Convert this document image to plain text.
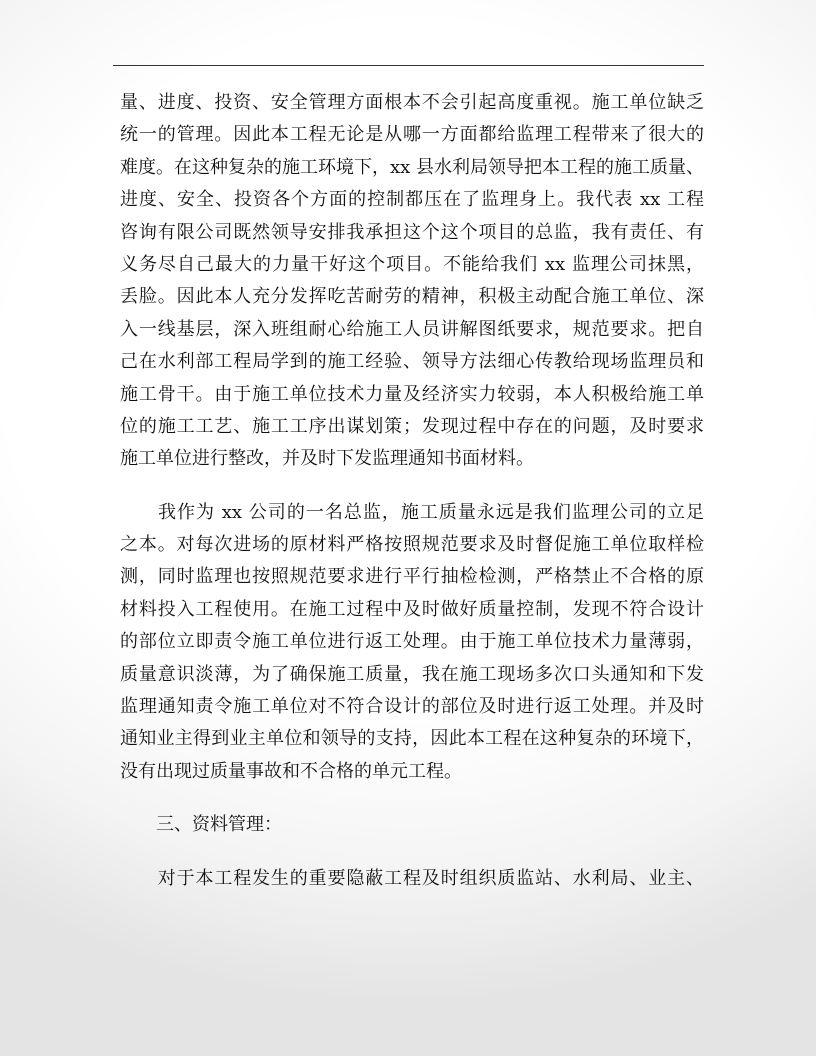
量、进度、投资、安全管理方面根本不会引起高度重视。施工单位缺乏
统一的管理。因此本工程无论是从哪一方面都给监理工程带来了很大的
难度。在这种复杂的施工环境下，xx 县水利局领导把本工程的施工质量、
进度、安全、投资各个方面的控制都压在了监理身上。我代表 xx 工程
咨询有限公司既然领导安排我承担这个这个项目的总监，我有责任、有
义务尽自己最大的力量干好这个项目。不能给我们 xx 监理公司抹黑，
丢脸。因此本人充分发挥吃苦耐劳的精神，积极主动配合施工单位、深
入一线基层，深入班组耐心给施工人员讲解图纸要求，规范要求。把自
己在水利部工程局学到的施工经验、领导方法细心传教给现场监理员和
施工骨干。由于施工单位技术力量及经济实力较弱，本人积极给施工单
位的施工工艺、施工工序出谋划策；发现过程中存在的问题，及时要求
施工单位进行整改，并及时下发监理通知书面材料。
　　我作为 xx 公司的一名总监，施工质量永远是我们监理公司的立足
之本。对每次进场的原材料严格按照规范要求及时督促施工单位取样检
测，同时监理也按照规范要求进行平行抽检检测，严格禁止不合格的原
材料投入工程使用。在施工过程中及时做好质量控制，发现不符合设计
的部位立即责令施工单位进行返工处理。由于施工单位技术力量薄弱，
质量意识淡薄，为了确保施工质量，我在施工现场多次口头通知和下发
监理通知责令施工单位对不符合设计的部位及时进行返工处理。并及时
通知业主得到业主单位和领导的支持，因此本工程在这种复杂的环境下，
没有出现过质量事故和不合格的单元工程。
　　三、资料管理：
　　对于本工程发生的重要隐蔽工程及时组织质监站、水利局、业主、
